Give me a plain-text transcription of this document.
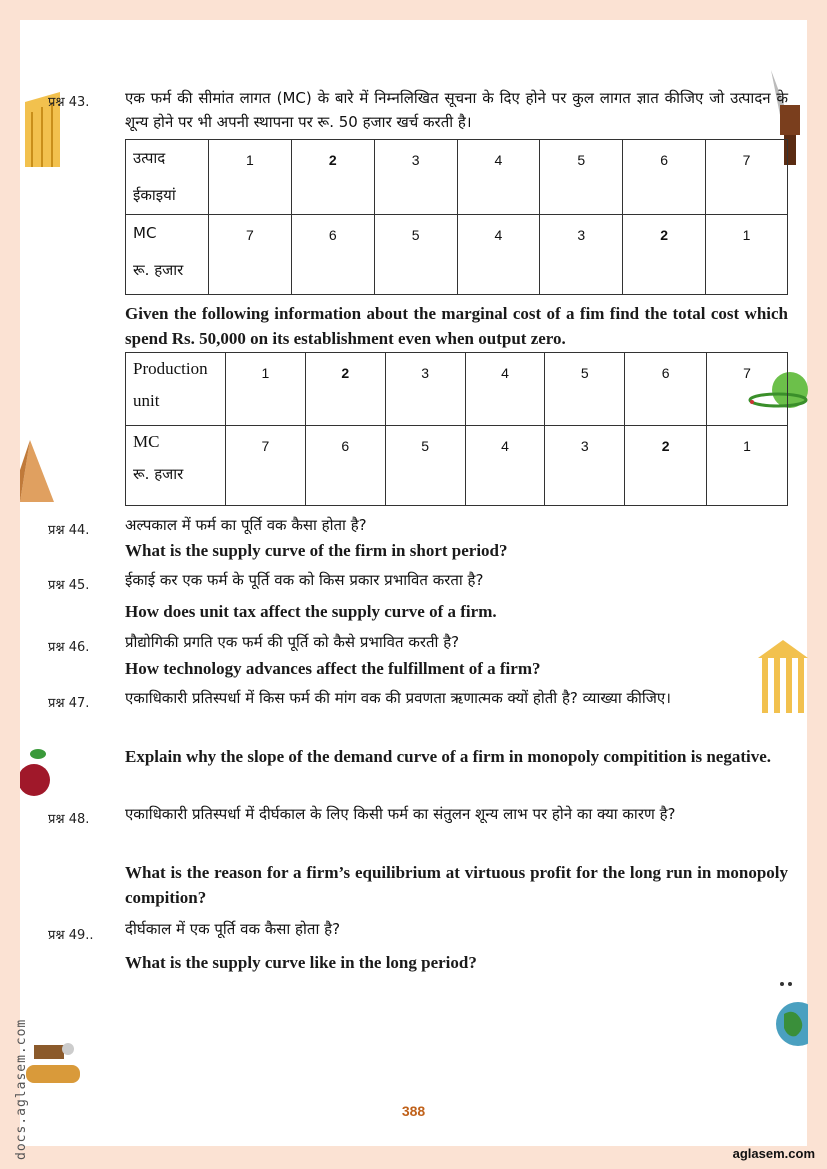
प्रश्न 43. एक फर्म की सीमांत लागत (MC) के बारे में निम्नलिखित सूचना के दिए होने पर कुल लागत ज्ञात कीजिए जो उत्पादन के शून्य होने पर भी अपनी स्थापना पर रू. 50 हजार खर्च करती है।
उत्पाद
ईकाइयां	1	2	3	4	5	6	7
MC
रू. हजार	7	6	5	4	3	2	1
Given the following information about the marginal cost of a fim find the total cost which spend Rs. 50,000 on its establishment even when output zero.
Production
unit	1	2	3	4	5	6	7
MC
रू. हजार	7	6	5	4	3	2	1
प्रश्न 44. अल्पकाल में फर्म का पूर्ति वक कैसा होता है?
What is the supply curve of the firm in short period?
प्रश्न 45. ईकाई कर एक फर्म के पूर्ति वक को किस प्रकार प्रभावित करता है?
How does unit tax affect the supply curve of a firm.
प्रश्न 46. प्रौद्योगिकी प्रगति एक फर्म की पूर्ति को कैसे प्रभावित करती है?
How technology advances affect the fulfillment of a firm?
प्रश्न 47. एकाधिकारी प्रतिस्पर्धा में किस फर्म की मांग वक की प्रवणता ऋणात्मक क्यों होती है? व्याख्या कीजिए।
Explain why the slope of the demand curve of a firm in monopoly compitition is negative.
प्रश्न 48. एकाधिकारी प्रतिस्पर्धा में दीर्घकाल के लिए किसी फर्म का संतुलन शून्य लाभ पर होने का क्या कारण है?
What is the reason for a firm’s equilibrium at virtuous profit for the long run in monopoly compition?
प्रश्न 49.. दीर्घकाल में एक पूर्ति वक कैसा होता है?
What is the supply curve like in the long period?
388
aglasem.com
docs.aglasem.com
